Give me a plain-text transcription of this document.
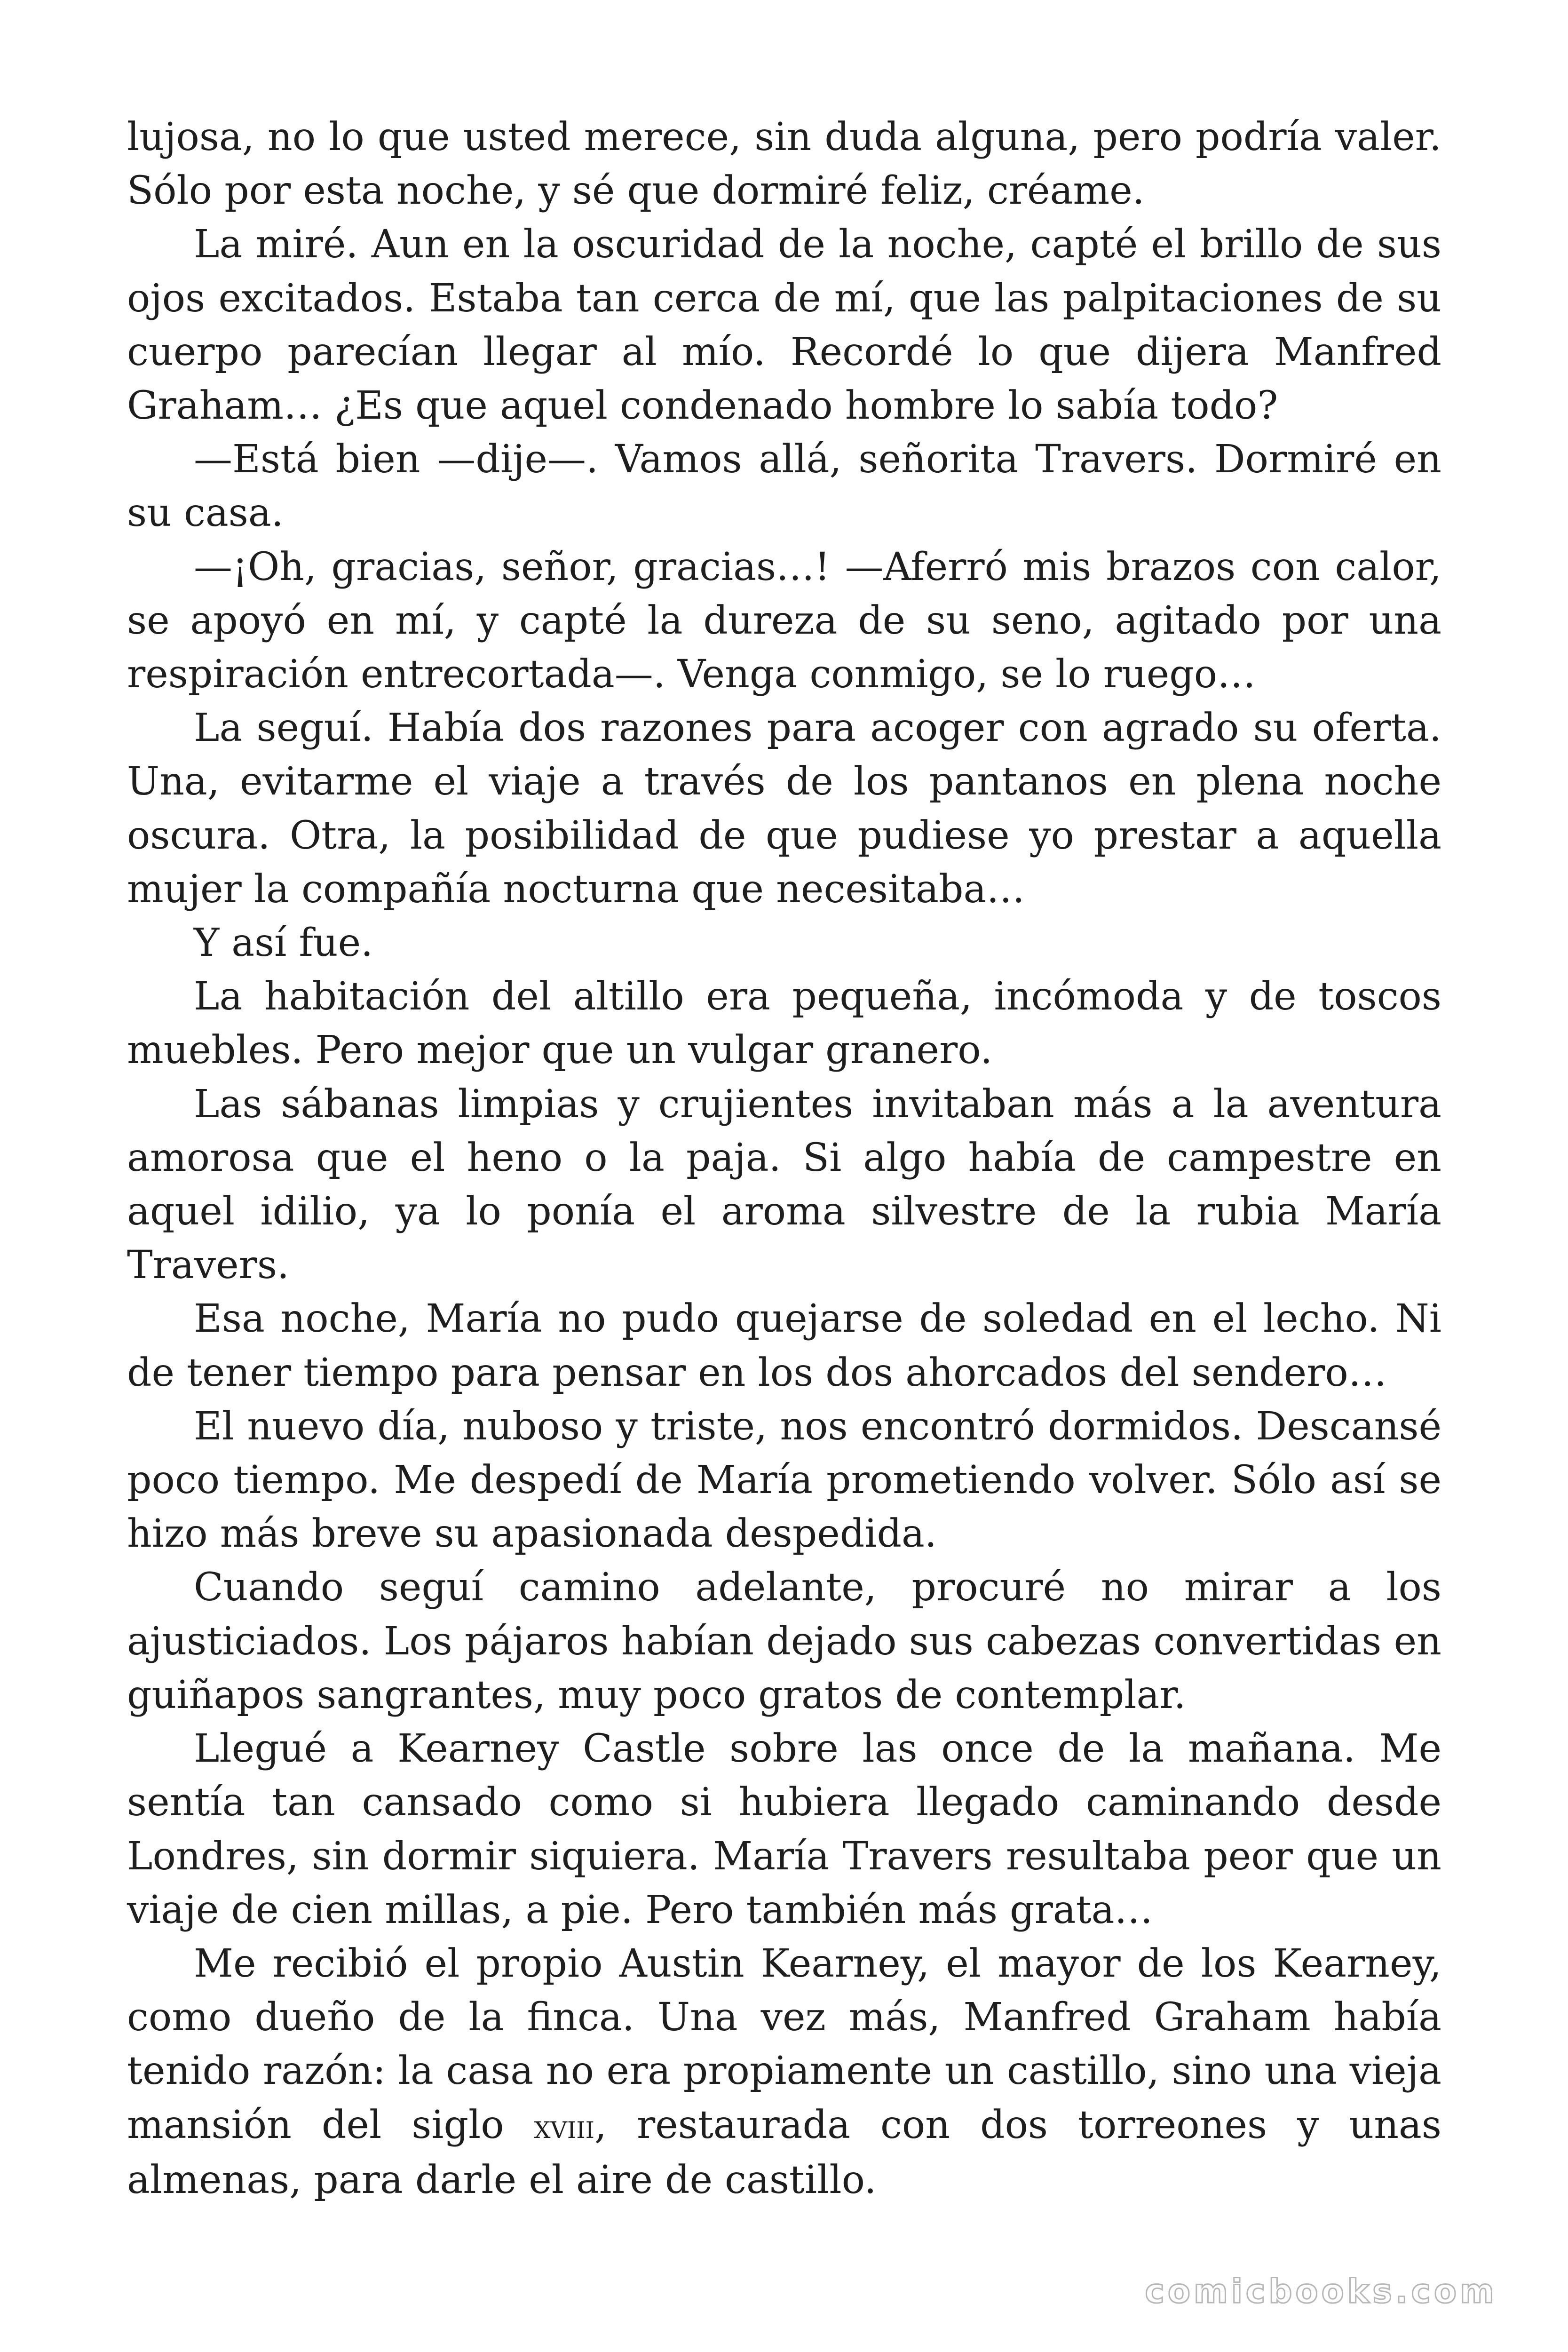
lujosa, no lo que usted merece, sin duda alguna, pero podría valer. Sólo por esta noche, y sé que dormiré feliz, créame.

La miré. Aun en la oscuridad de la noche, capté el brillo de sus ojos excitados. Estaba tan cerca de mí, que las palpitaciones de su cuerpo parecían llegar al mío. Recordé lo que dijera Manfred Graham… ¿Es que aquel condenado hombre lo sabía todo?

—Está bien —dije—. Vamos allá, señorita Travers. Dormiré en su casa.

—¡Oh, gracias, señor, gracias…! —Aferró mis brazos con calor, se apoyó en mí, y capté la dureza de su seno, agitado por una respiración entrecortada—. Venga conmigo, se lo ruego…

La seguí. Había dos razones para acoger con agrado su oferta. Una, evitarme el viaje a través de los pantanos en plena noche oscura. Otra, la posibilidad de que pudiese yo prestar a aquella mujer la compañía nocturna que necesitaba…

Y así fue.

La habitación del altillo era pequeña, incómoda y de toscos muebles. Pero mejor que un vulgar granero.

Las sábanas limpias y crujientes invitaban más a la aventura amorosa que el heno o la paja. Si algo había de campestre en aquel idilio, ya lo ponía el aroma silvestre de la rubia María Travers.

Esa noche, María no pudo quejarse de soledad en el lecho. Ni de tener tiempo para pensar en los dos ahorcados del sendero…

El nuevo día, nuboso y triste, nos encontró dormidos. Descansé poco tiempo. Me despedí de María prometiendo volver. Sólo así se hizo más breve su apasionada despedida.

Cuando seguí camino adelante, procuré no mirar a los ajusticiados. Los pájaros habían dejado sus cabezas convertidas en guiñapos sangrantes, muy poco gratos de contemplar.

Llegué a Kearney Castle sobre las once de la mañana. Me sentía tan cansado como si hubiera llegado caminando desde Londres, sin dormir siquiera. María Travers resultaba peor que un viaje de cien millas, a pie. Pero también más grata…

Me recibió el propio Austin Kearney, el mayor de los Kearney, como dueño de la finca. Una vez más, Manfred Graham había tenido razón: la casa no era propiamente un castillo, sino una vieja mansión del siglo xviii, restaurada con dos torreones y unas almenas, para darle el aire de castillo.

comicbooks.com
